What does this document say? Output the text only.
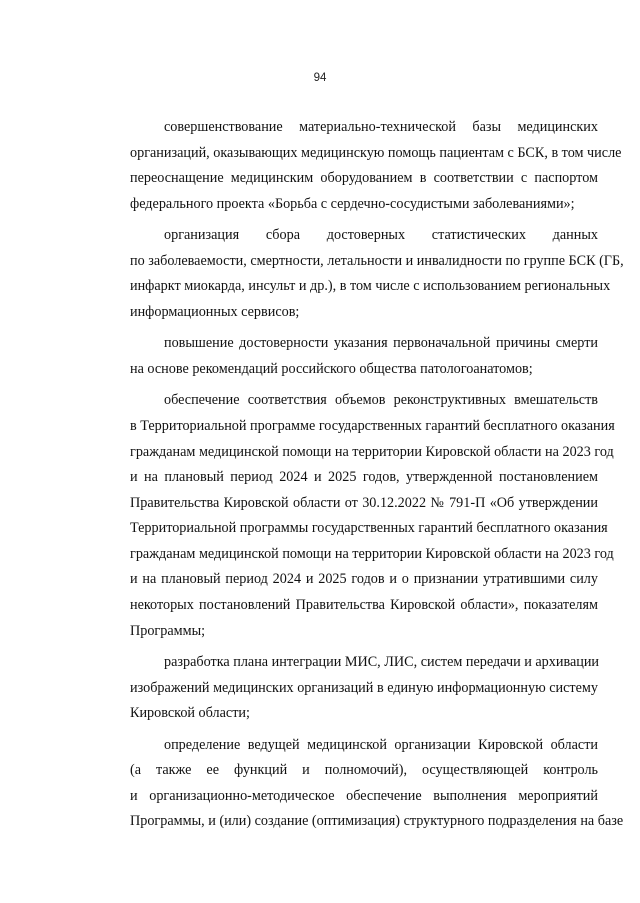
94
совершенствование материально-технической базы медицинских
организаций, оказывающих медицинскую помощь пациентам с БСК, в том числе
переоснащение медицинским оборудованием в соответствии с паспортом
федерального проекта «Борьба с сердечно-сосудистыми заболеваниями»;
организация сбора достоверных статистических данных
по заболеваемости, смертности, летальности и инвалидности по группе БСК (ГБ,
инфаркт миокарда, инсульт и др.), в том числе с использованием региональных
информационных сервисов;
повышение достоверности указания первоначальной причины смерти
на основе рекомендаций российского общества патологоанатомов;
обеспечение соответствия объемов реконструктивных вмешательств
в Территориальной программе государственных гарантий бесплатного оказания
гражданам медицинской помощи на территории Кировской области на 2023 год
и на плановый период 2024 и 2025 годов, утвержденной постановлением
Правительства Кировской области от 30.12.2022 № 791-П «Об утверждении
Территориальной программы государственных гарантий бесплатного оказания
гражданам медицинской помощи на территории Кировской области на 2023 год
и на плановый период 2024 и 2025 годов и о признании утратившими силу
некоторых постановлений Правительства Кировской области», показателям
Программы;
разработка плана интеграции МИС, ЛИС, систем передачи и архивации
изображений медицинских организаций в единую информационную систему
Кировской области;
определение ведущей медицинской организации Кировской области
(а также ее функций и полномочий), осуществляющей контроль
и организационно-методическое обеспечение выполнения мероприятий
Программы, и (или) создание (оптимизация) структурного подразделения на базе
